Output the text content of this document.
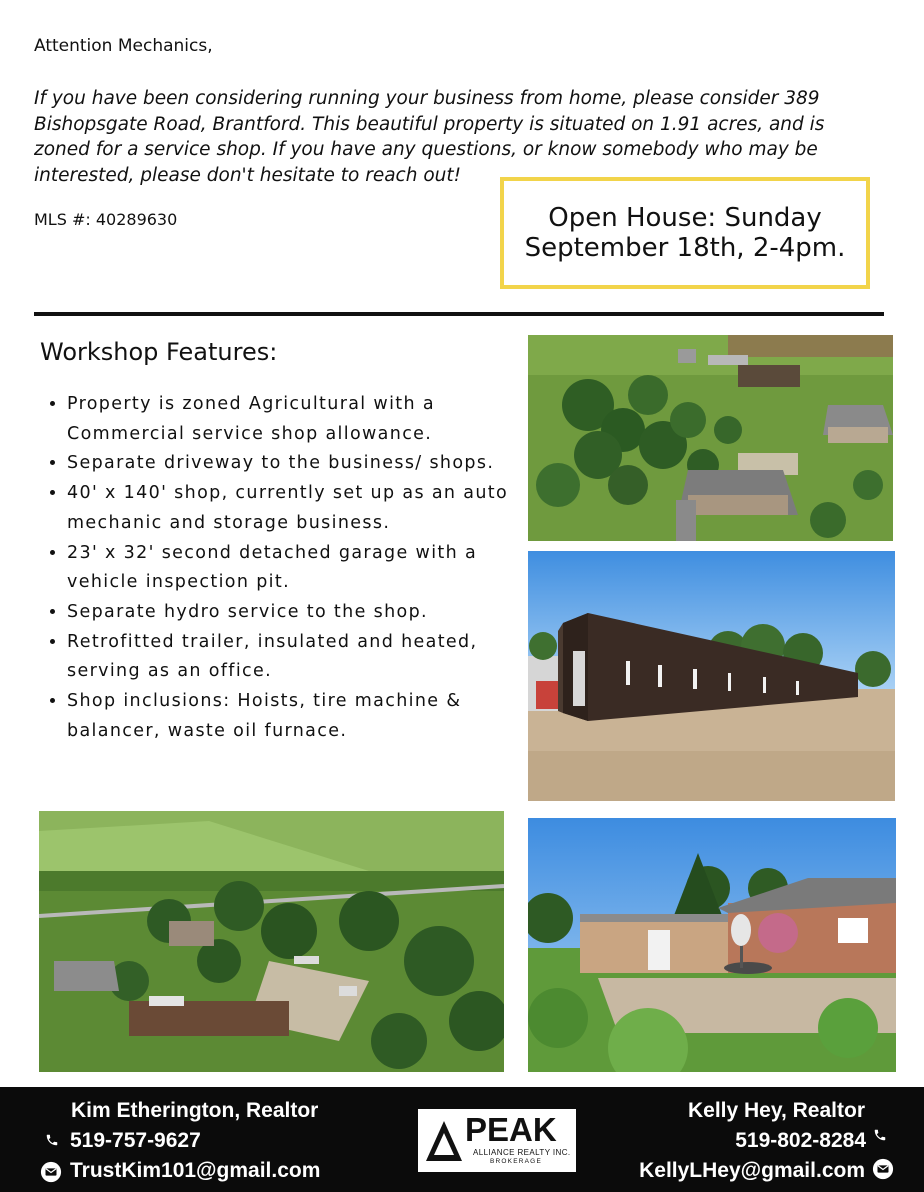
Attention Mechanics,
If you have been considering running your business from home, please consider 389
Bishopsgate Road, Brantford. This beautiful property is situated on 1.91 acres, and is
zoned for a service shop. If you have any questions, or know somebody who may be
interested, please don't hesitate to reach out!
MLS #: 40289630	Open House: Sunday
September 18th, 2-4pm.
Workshop Features:
• Property is zoned Agricultural with a Commercial service shop allowance.
• Separate driveway to the business/ shops.
• 40' x 140' shop, currently set up as an auto mechanic and storage business.
• 23' x 32' second detached garage with a vehicle inspection pit.
• Separate hydro service to the shop.
• Retrofitted trailer, insulated and heated, serving as an office.
• Shop inclusions: Hoists, tire machine & balancer, waste oil furnace.
Kim Etherington, Realtor
519-757-9627
TrustKim101@gmail.com
PEAK
ALLIANCE REALTY INC.
BROKERAGE
Kelly Hey, Realtor
519-802-8284
KellyLHey@gmail.com
